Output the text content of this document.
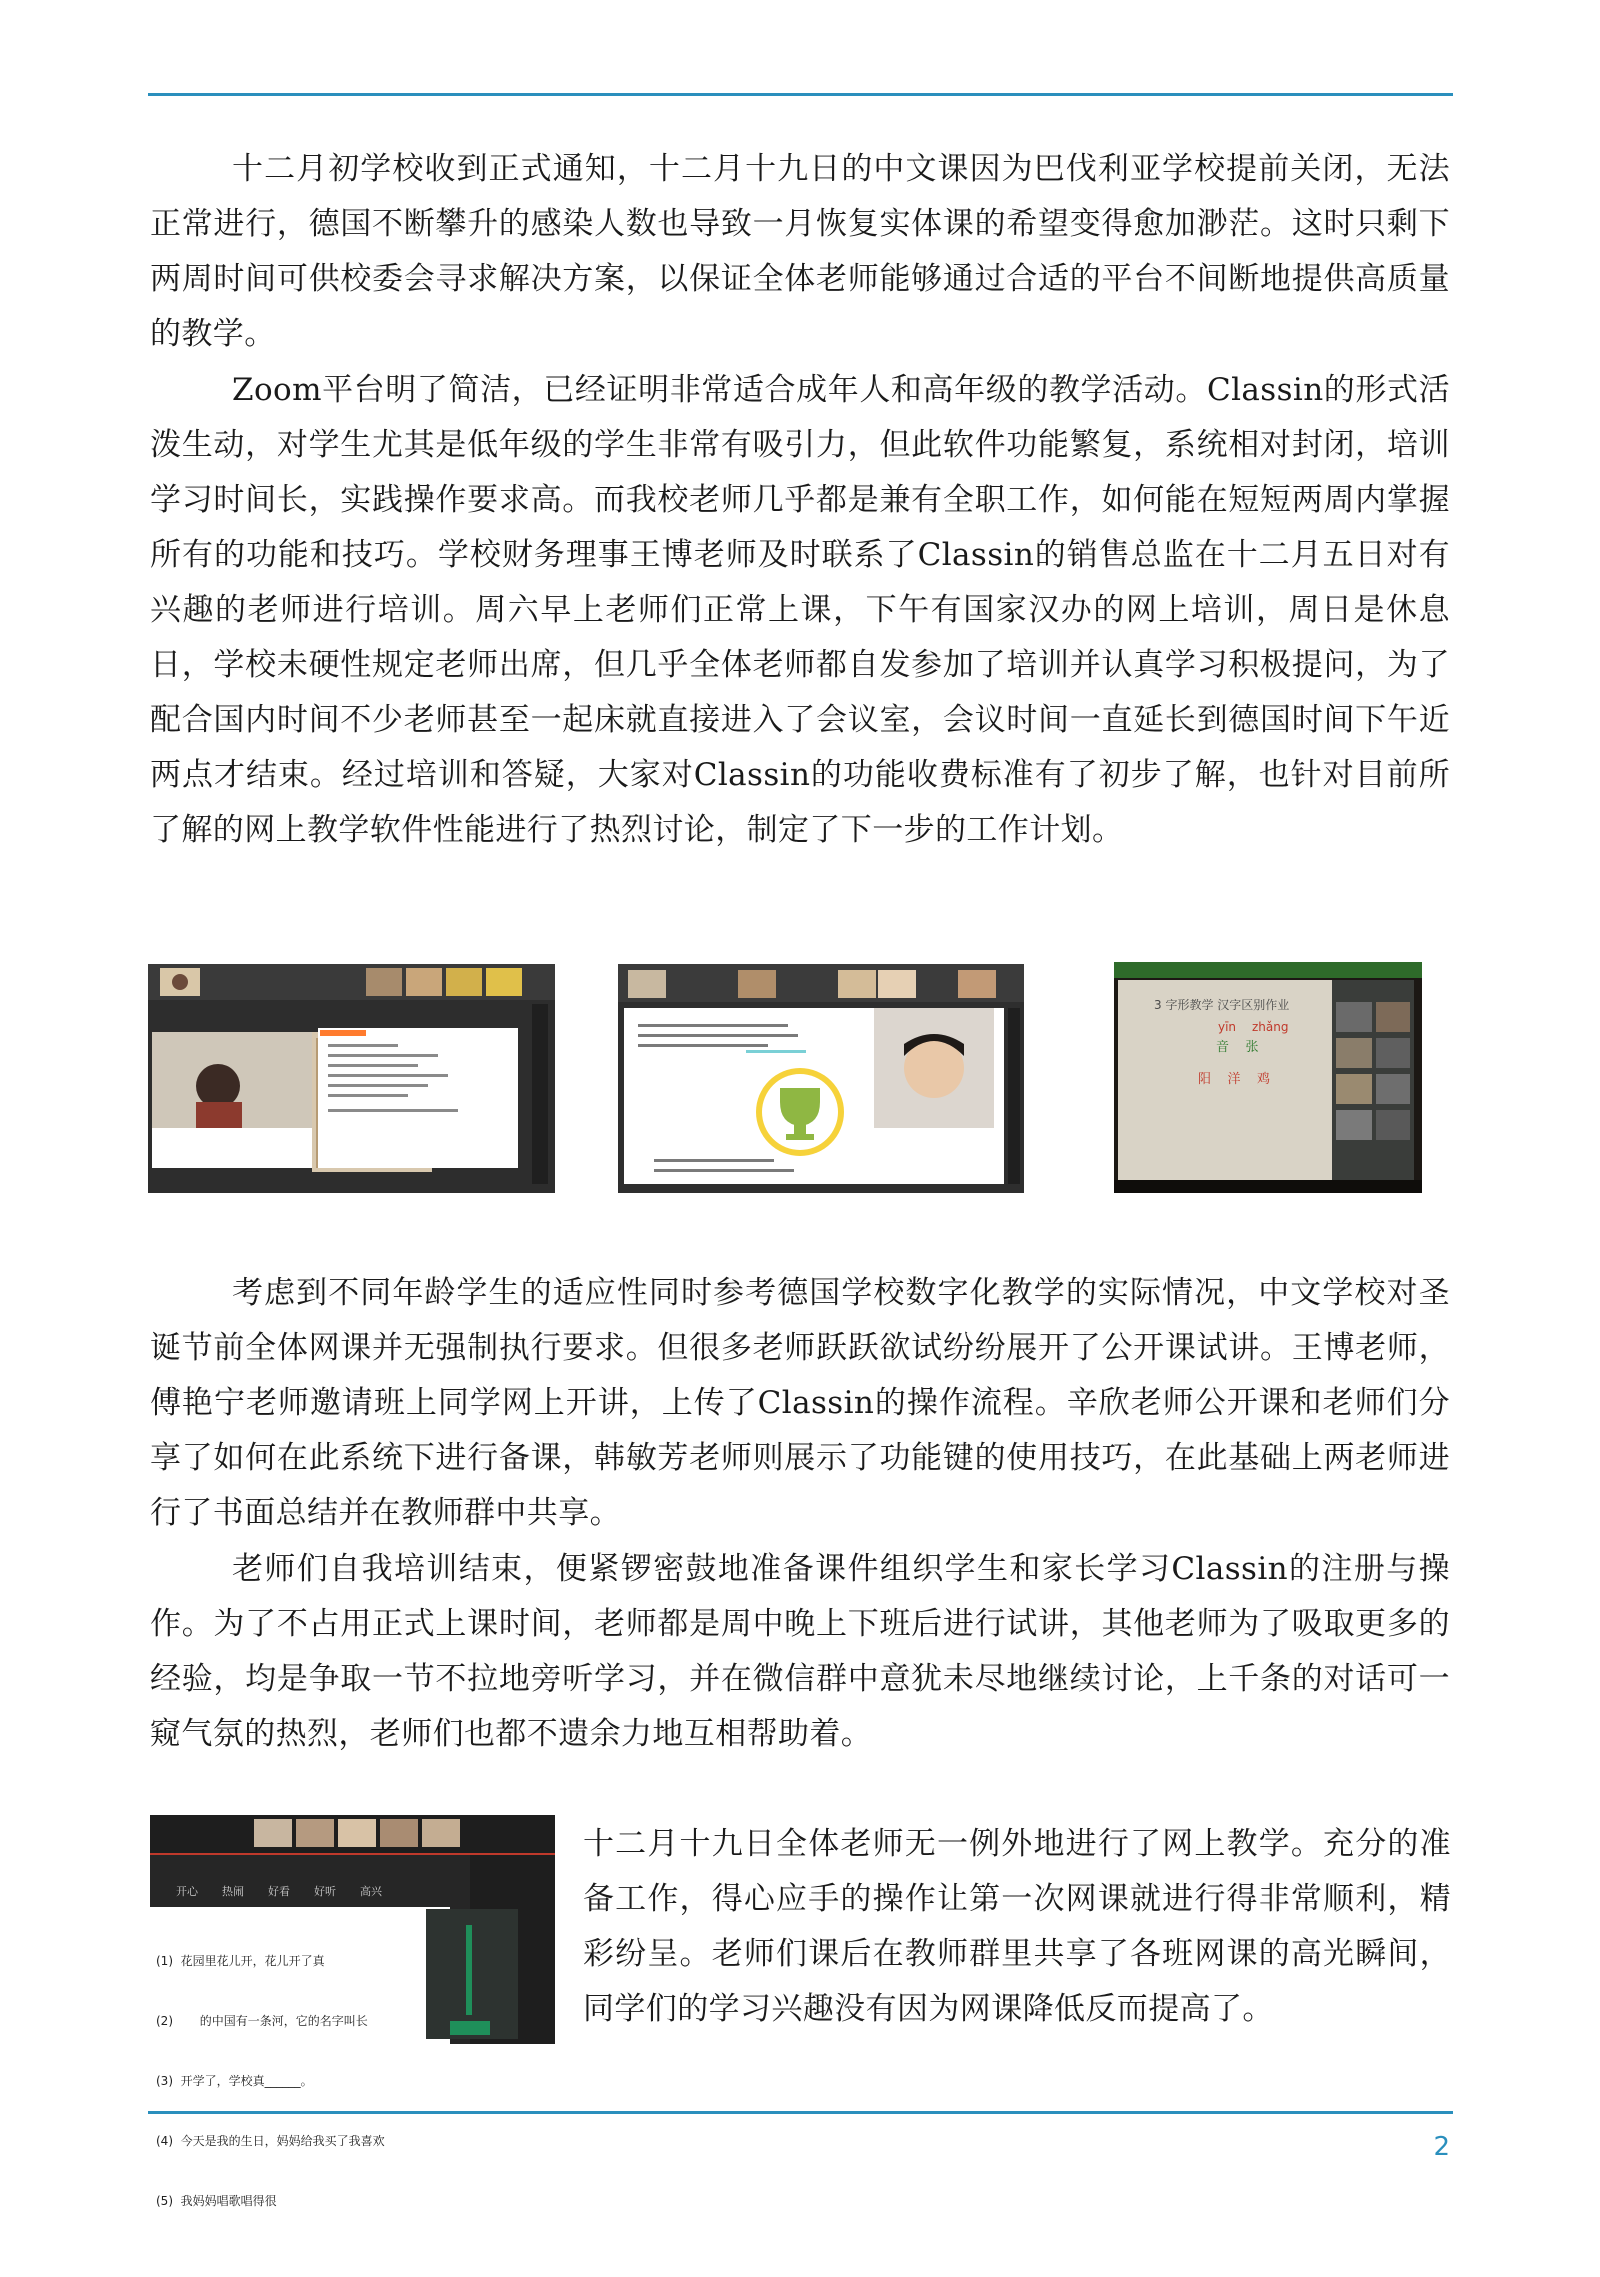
十二月初学校收到正式通知，十二月十九日的中文课因为巴伐利亚学校提前关闭，无法正常进行，德国不断攀升的感染人数也导致一月恢复实体课的希望变得愈加渺茫。这时只剩下两周时间可供校委会寻求解决方案，以保证全体老师能够通过合适的平台不间断地提供高质量的教学。

Zoom平台明了简洁，已经证明非常适合成年人和高年级的教学活动。Classin的形式活泼生动，对学生尤其是低年级的学生非常有吸引力，但此软件功能繁复，系统相对封闭，培训学习时间长，实践操作要求高。而我校老师几乎都是兼有全职工作，如何能在短短两周内掌握所有的功能和技巧。学校财务理事王博老师及时联系了Classin的销售总监在十二月五日对有兴趣的老师进行培训。周六早上老师们正常上课，下午有国家汉办的网上培训，周日是休息日，学校未硬性规定老师出席，但几乎全体老师都自发参加了培训并认真学习积极提问，为了配合国内时间不少老师甚至一起床就直接进入了会议室，会议时间一直延长到德国时间下午近两点才结束。经过培训和答疑，大家对Classin的功能收费标准有了初步了解，也针对目前所了解的网上教学软件性能进行了热烈讨论，制定了下一步的工作计划。

3 字形教学 汉字区别作业
yīn zhǎng
音    张
阳    洋    鸡

考虑到不同年龄学生的适应性同时参考德国学校数字化教学的实际情况，中文学校对圣诞节前全体网课并无强制执行要求。但很多老师跃跃欲试纷纷展开了公开课试讲。王博老师，傅艳宁老师邀请班上同学网上开讲，上传了Classin的操作流程。辛欣老师公开课和老师们分享了如何在此系统下进行备课，韩敏芳老师则展示了功能键的使用技巧，在此基础上两老师进行了书面总结并在教师群中共享。

老师们自我培训结束，便紧锣密鼓地准备课件组织学生和家长学习Classin的注册与操作。为了不占用正式上课时间，老师都是周中晚上下班后进行试讲，其他老师为了吸取更多的经验，均是争取一节不拉地旁听学习，并在微信群中意犹未尽地继续讨论，上千条的对话可一窥气氛的热烈，老师们也都不遗余力地互相帮助着。

开心 热闹 好看 好听 高兴

(1)  花园里花儿开，花儿开了真

(2)       的中国有一条河，它的名字叫长

(3)  开学了，学校真______。

(4)  今天是我的生日，妈妈给我买了我喜欢

(5)  我妈妈唱歌唱得很

十二月十九日全体老师无一例外地进行了网上教学。充分的准备工作，得心应手的操作让第一次网课就进行得非常顺利，精彩纷呈。老师们课后在教师群里共享了各班网课的高光瞬间，同学们的学习兴趣没有因为网课降低反而提高了。

2
